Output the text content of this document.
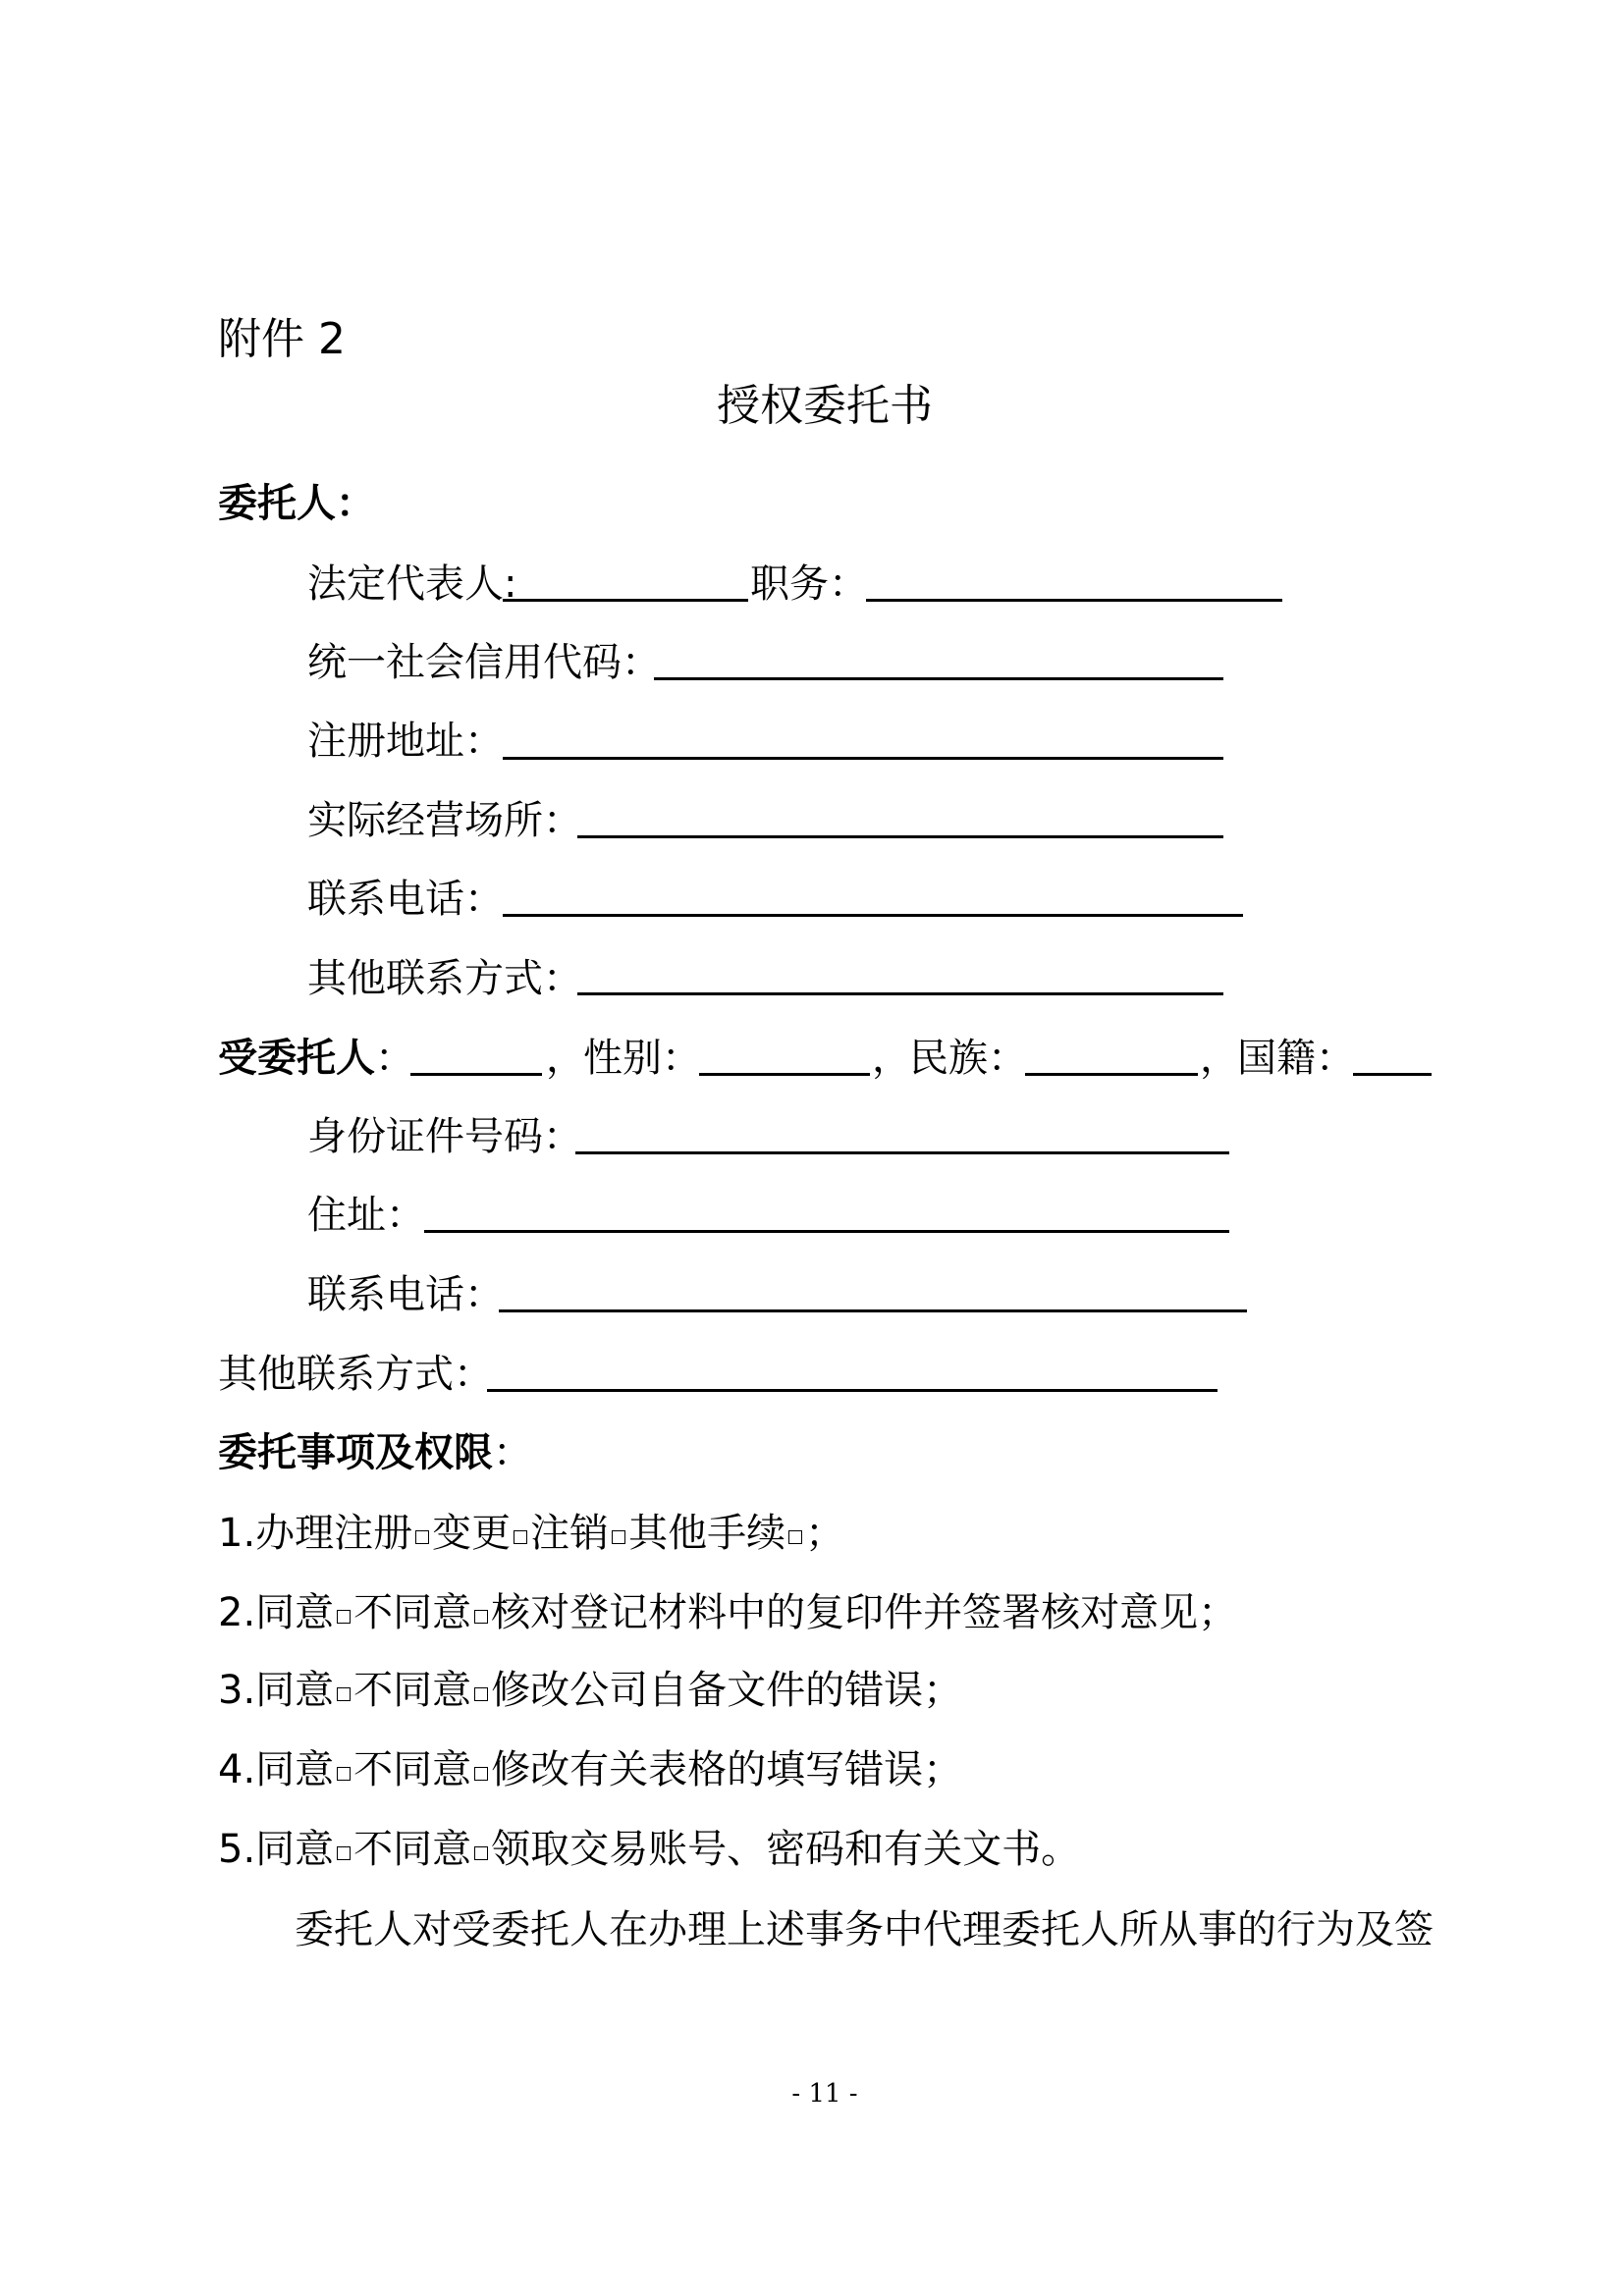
附件 2
授权委托书
委托人：
法定代表人:	职务：
统一社会信用代码：
注册地址：
实际经营场所：
联系电话：
其他联系方式：
受委托人：	，
性别：	，
民族：	，
国籍：
身份证件号码：
住址：
联系电话：
其他联系方式：
委托事项及权限：
1.办理注册 变更 注销 其他手续 ；
2.同意 不同意 核对登记材料中的复印件并签署核对意见；
3.同意 不同意 修改公司自备文件的错误；
4.同意 不同意 修改有关表格的填写错误；
5.同意 不同意 领取交易账号、密码和有关文书。
委托人对受委托人在办理上述事务中代理委托人所从事的行为及签
- 11 -
